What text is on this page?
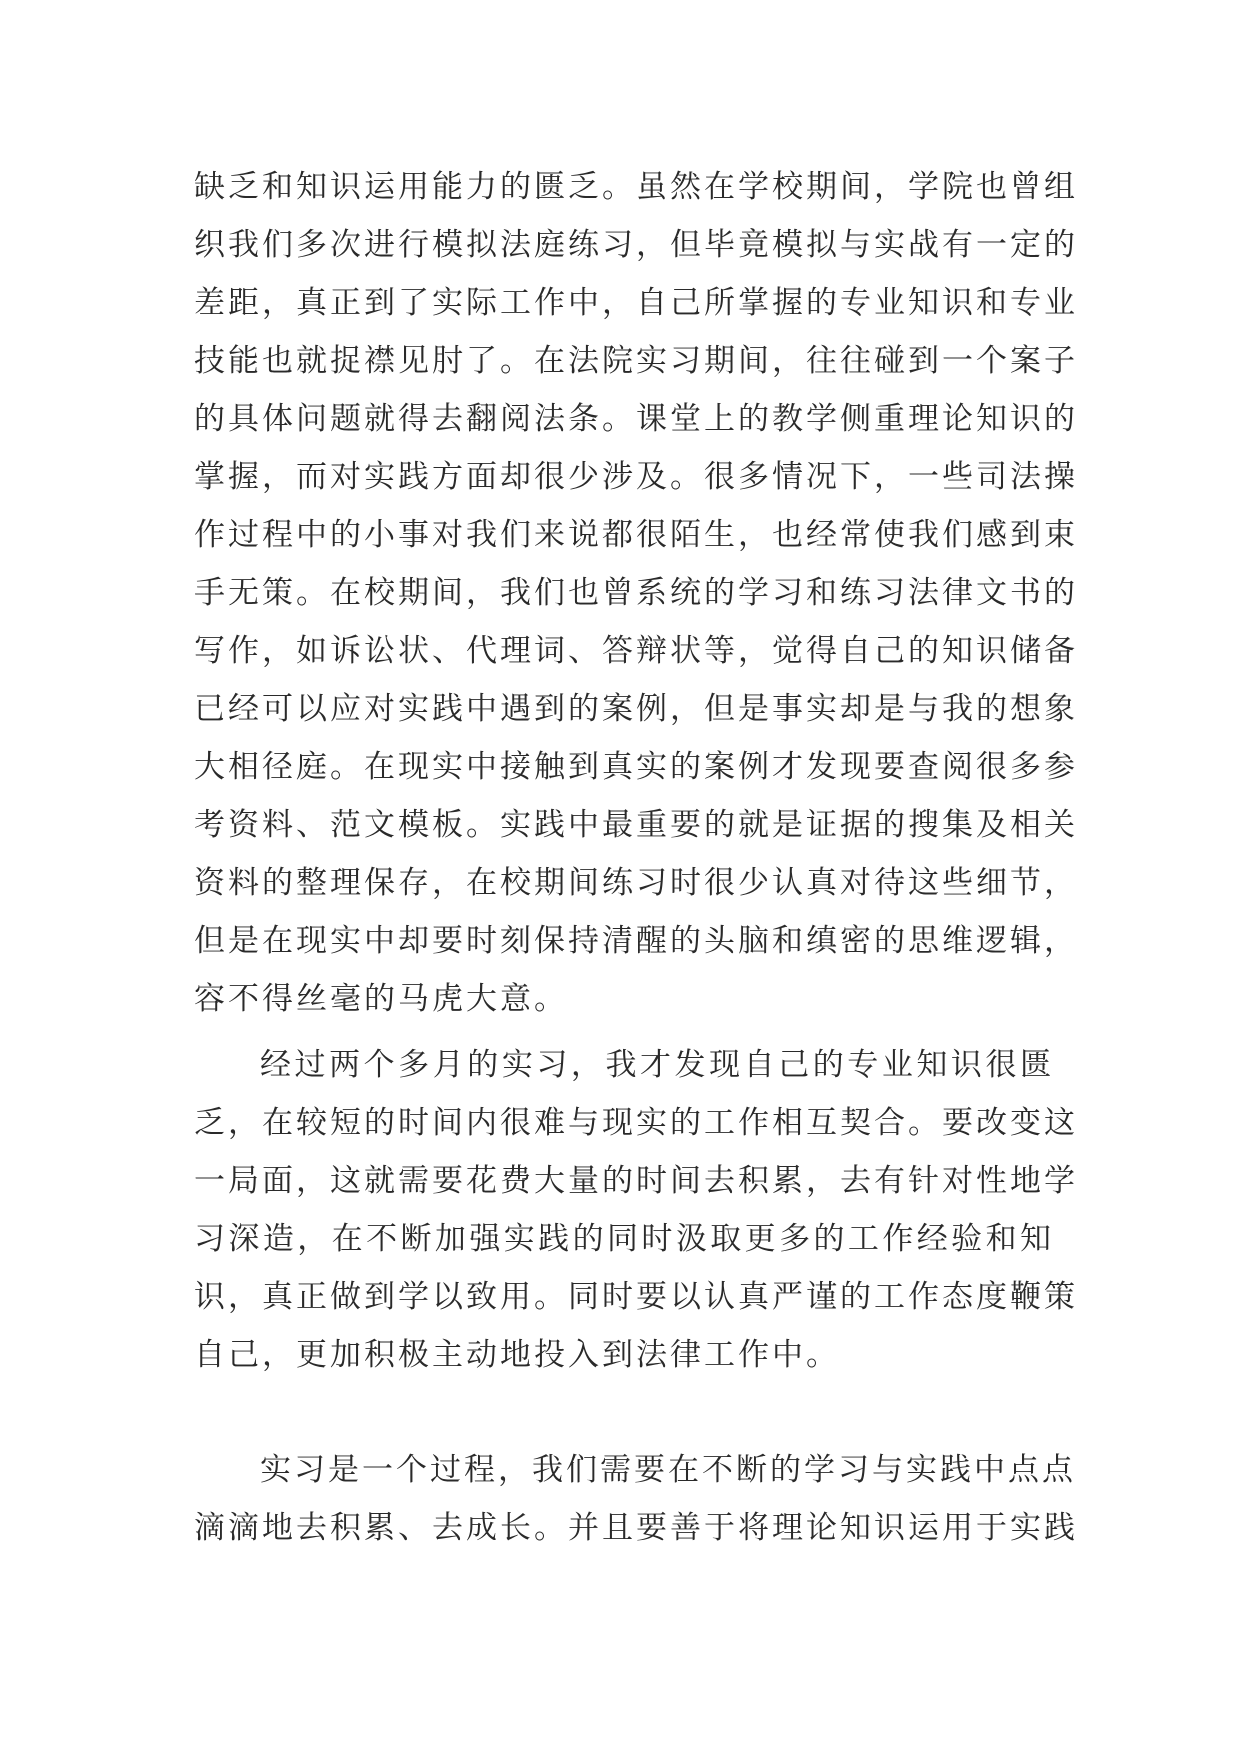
缺乏和知识运用能力的匮乏。虽然在学校期间，学院也曾组
织我们多次进行模拟法庭练习，但毕竟模拟与实战有一定的
差距，真正到了实际工作中，自己所掌握的专业知识和专业
技能也就捉襟见肘了。在法院实习期间，往往碰到一个案子
的具体问题就得去翻阅法条。课堂上的教学侧重理论知识的
掌握，而对实践方面却很少涉及。很多情况下，一些司法操
作过程中的小事对我们来说都很陌生，也经常使我们感到束
手无策。在校期间，我们也曾系统的学习和练习法律文书的
写作，如诉讼状、代理词、答辩状等，觉得自己的知识储备
已经可以应对实践中遇到的案例，但是事实却是与我的想象
大相径庭。在现实中接触到真实的案例才发现要查阅很多参
考资料、范文模板。实践中最重要的就是证据的搜集及相关
资料的整理保存，在校期间练习时很少认真对待这些细节，
但是在现实中却要时刻保持清醒的头脑和缜密的思维逻辑，
容不得丝毫的马虎大意。
经过两个多月的实习，我才发现自己的专业知识很匮
乏，在较短的时间内很难与现实的工作相互契合。要改变这
一局面，这就需要花费大量的时间去积累，去有针对性地学
习深造，在不断加强实践的同时汲取更多的工作经验和知
识，真正做到学以致用。同时要以认真严谨的工作态度鞭策
自己，更加积极主动地投入到法律工作中。
实习是一个过程，我们需要在不断的学习与实践中点点
滴滴地去积累、去成长。并且要善于将理论知识运用于实践
